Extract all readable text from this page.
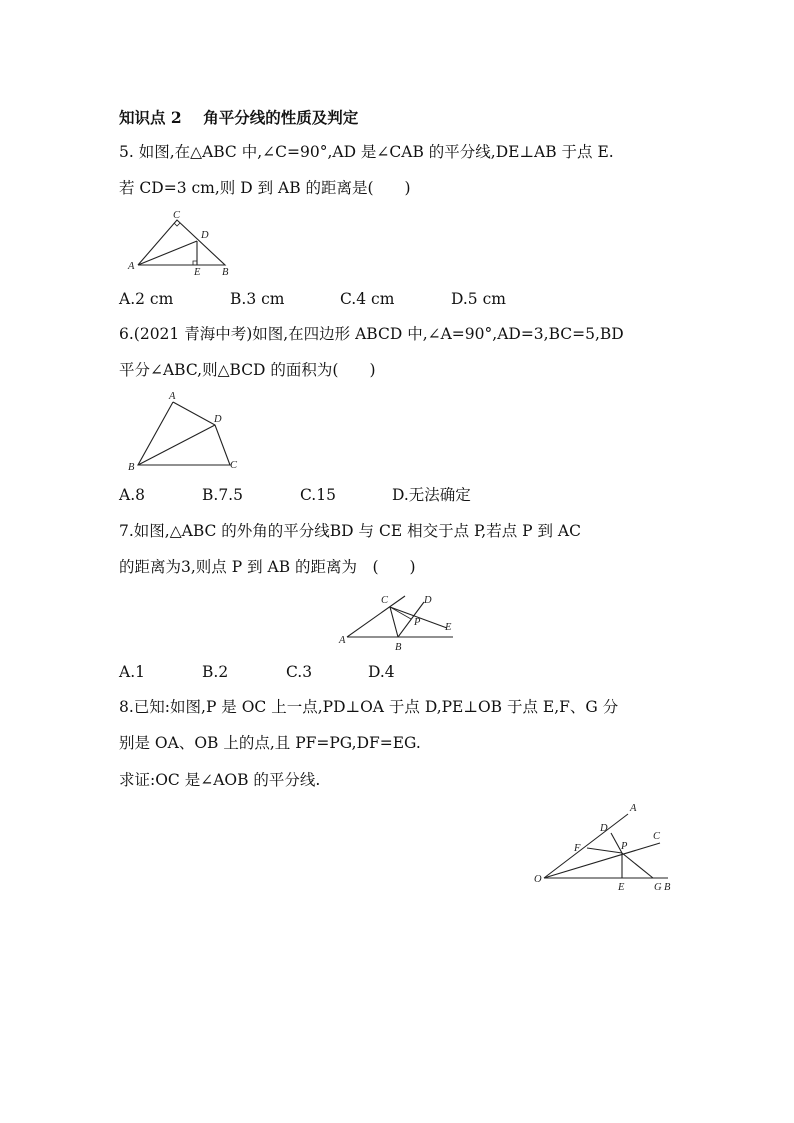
知识点 2 角平分线的性质及判定
5. 如图,在△ABC 中,∠C=90°,AD 是∠CAB 的平分线,DE⊥AB 于点 E.
若 CD=3 cm,则 D 到 AB 的距离是(　　)
C
D
A
E B
A.2 cm	B.3 cm	C.4 cm	D.5 cm
6.(2021 青海中考)如图,在四边形 ABCD 中,∠A=90°,AD=3,BC=5,BD
平分∠ABC,则△BCD 的面积为(　　)
A
D
B	C
A.8	B.7.5	C.15	D.无法确定
7.如图,△ABC 的外角的平分线BD 与 CE 相交于点 P,若点 P 到 AC
的距离为3,则点 P 到 AB 的距离为　(　　)
C	D
P E
A
B
A.1	B.2	C.3	D.4
8.已知:如图,P 是 OC 上一点,PD⊥OA 于点 D,PE⊥OB 于点 E,F、G 分
别是 OA、OB 上的点,且 PF=PG,DF=EG.
求证:OC 是∠AOB 的平分线.
A
D
C
F	P
O
E	G B
